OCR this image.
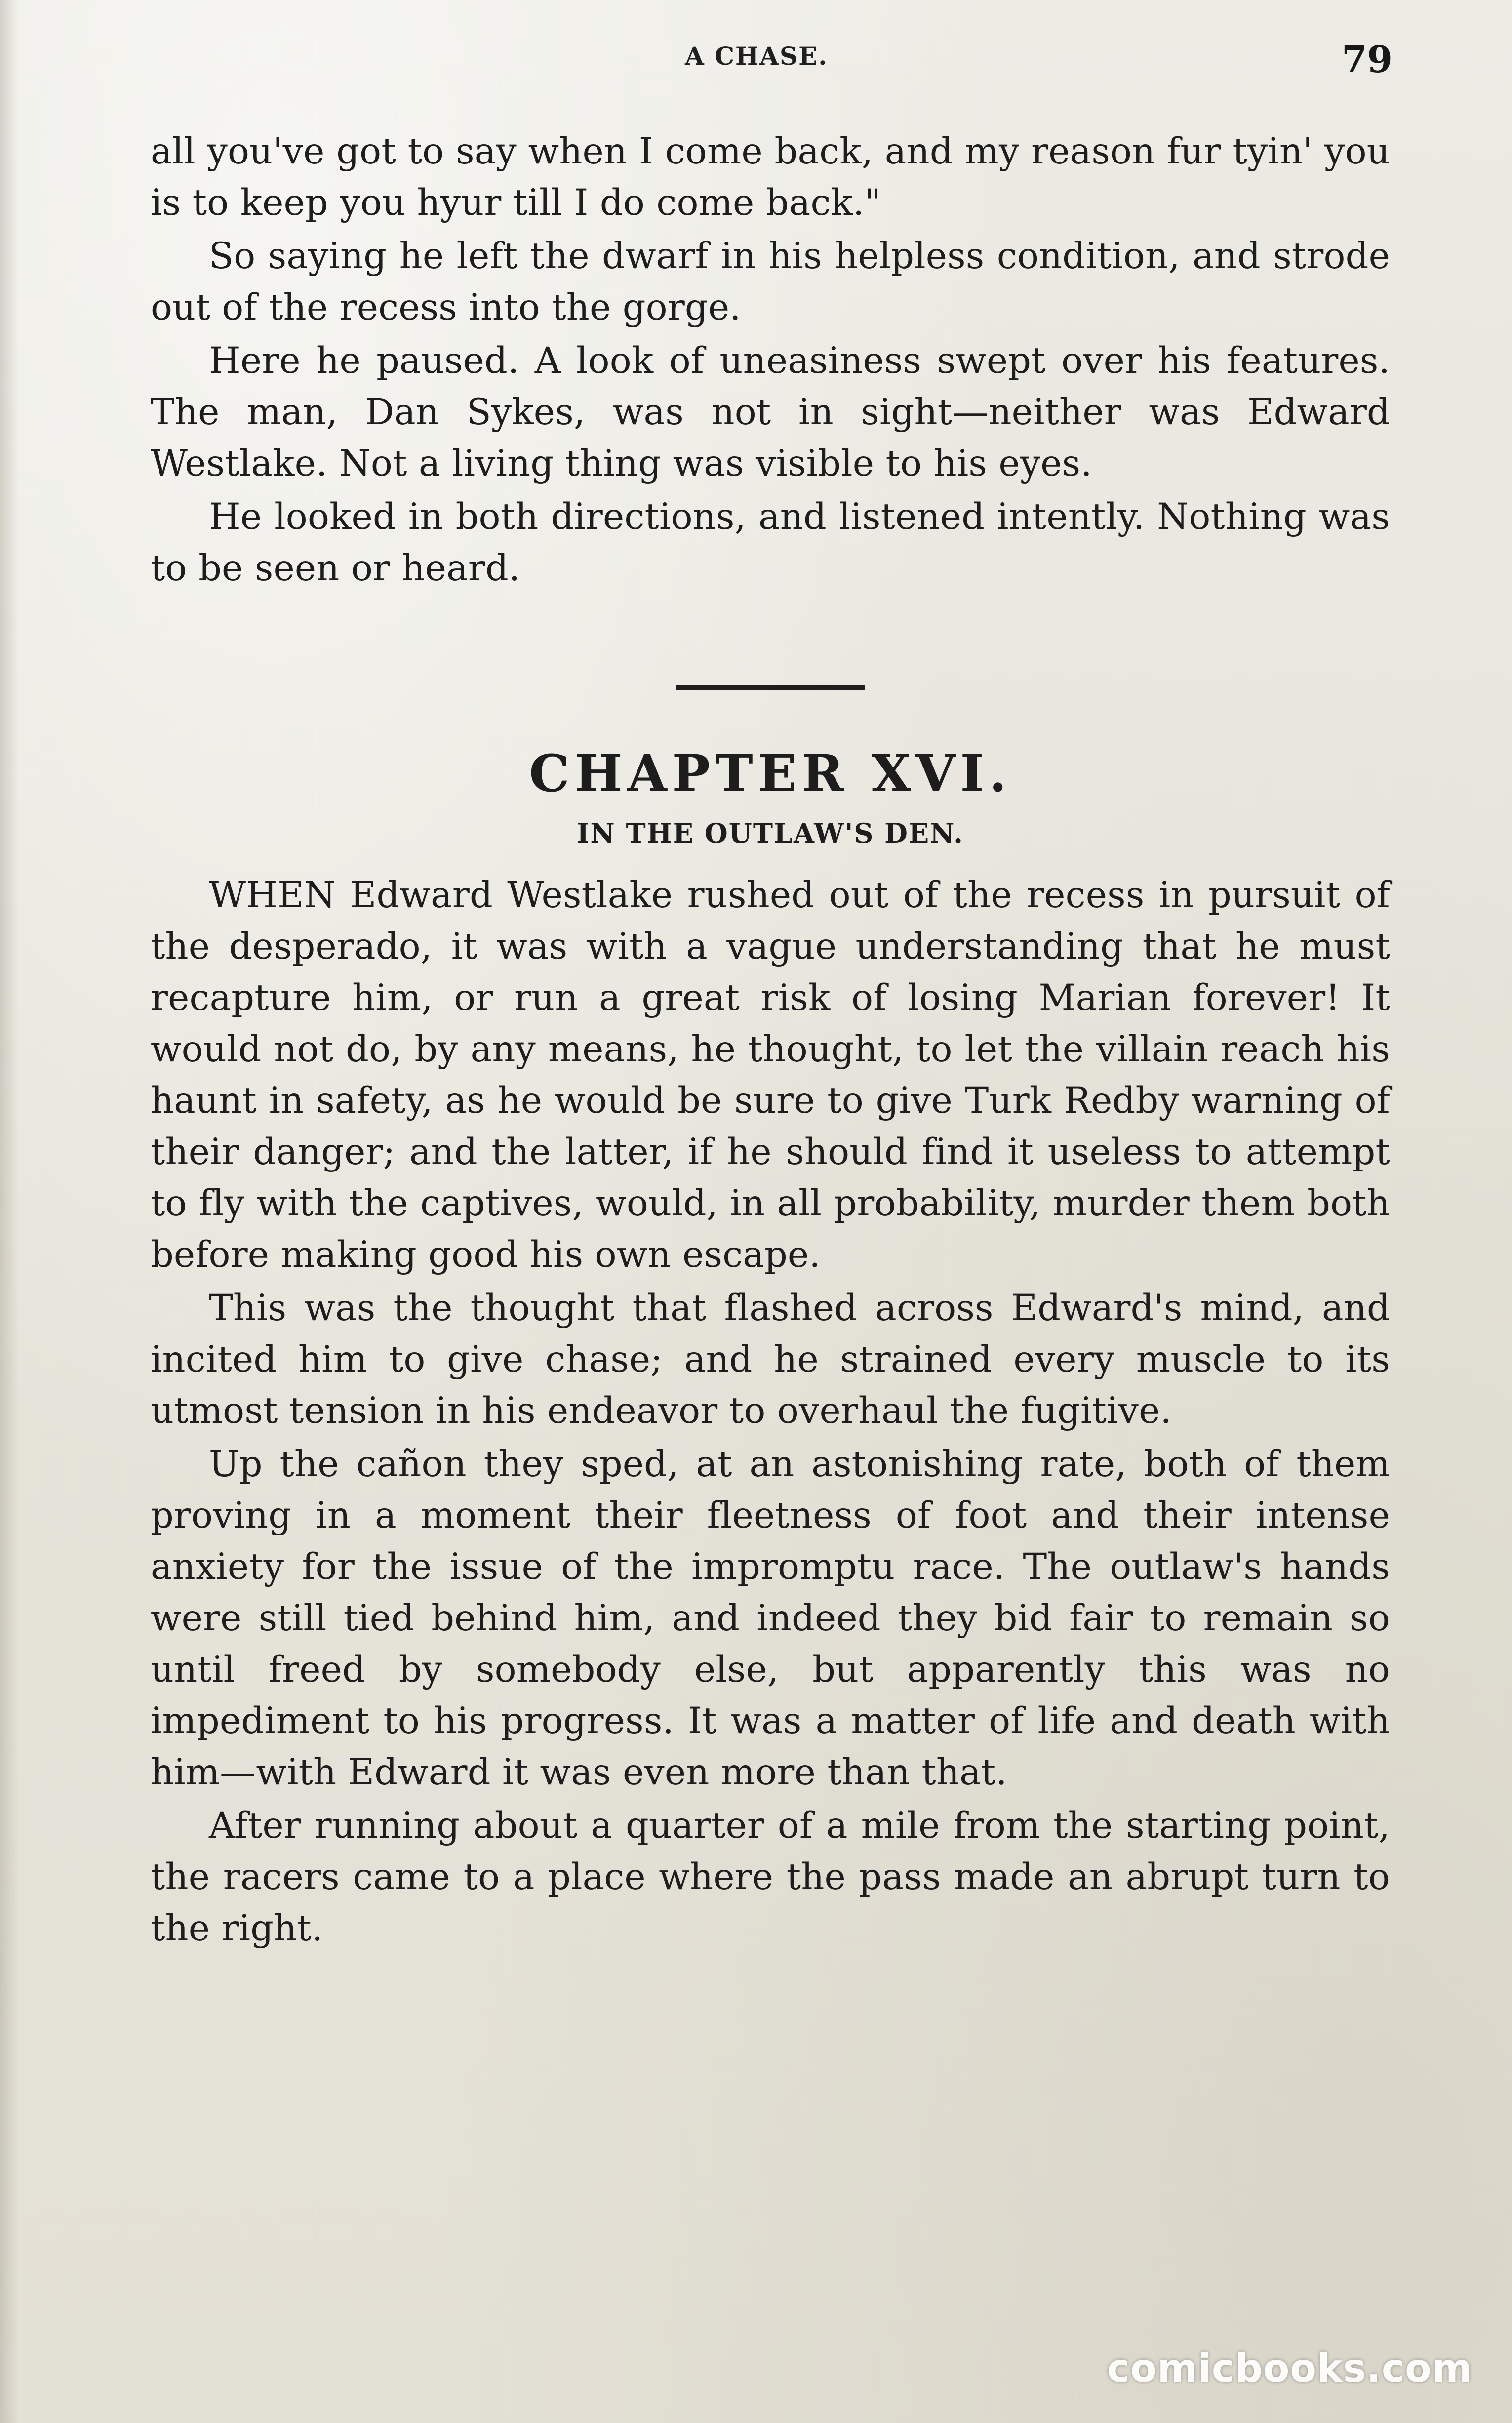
A CHASE.	79

all you've got to say when I come back, and my reason fur tyin' you is to keep you hyur till I do come back."

So saying he left the dwarf in his helpless condition, and strode out of the recess into the gorge.

Here he paused. A look of uneasiness swept over his features. The man, Dan Sykes, was not in sight—neither was Edward Westlake. Not a living thing was visible to his eyes.

He looked in both directions, and listened intently. Nothing was to be seen or heard.

CHAPTER XVI.
IN THE OUTLAW'S DEN.

WHEN Edward Westlake rushed out of the recess in pursuit of the desperado, it was with a vague understanding that he must recapture him, or run a great risk of losing Marian forever! It would not do, by any means, he thought, to let the villain reach his haunt in safety, as he would be sure to give Turk Redby warning of their danger; and the latter, if he should find it useless to attempt to fly with the captives, would, in all probability, murder them both before making good his own escape.

This was the thought that flashed across Edward's mind, and incited him to give chase; and he strained every muscle to its utmost tension in his endeavor to overhaul the fugitive.

Up the cañon they sped, at an astonishing rate, both of them proving in a moment their fleetness of foot and their intense anxiety for the issue of the impromptu race. The outlaw's hands were still tied behind him, and indeed they bid fair to remain so until freed by somebody else, but apparently this was no impediment to his progress. It was a matter of life and death with him—with Edward it was even more than that.

After running about a quarter of a mile from the starting point, the racers came to a place where the pass made an abrupt turn to the right.

comicbooks.com
